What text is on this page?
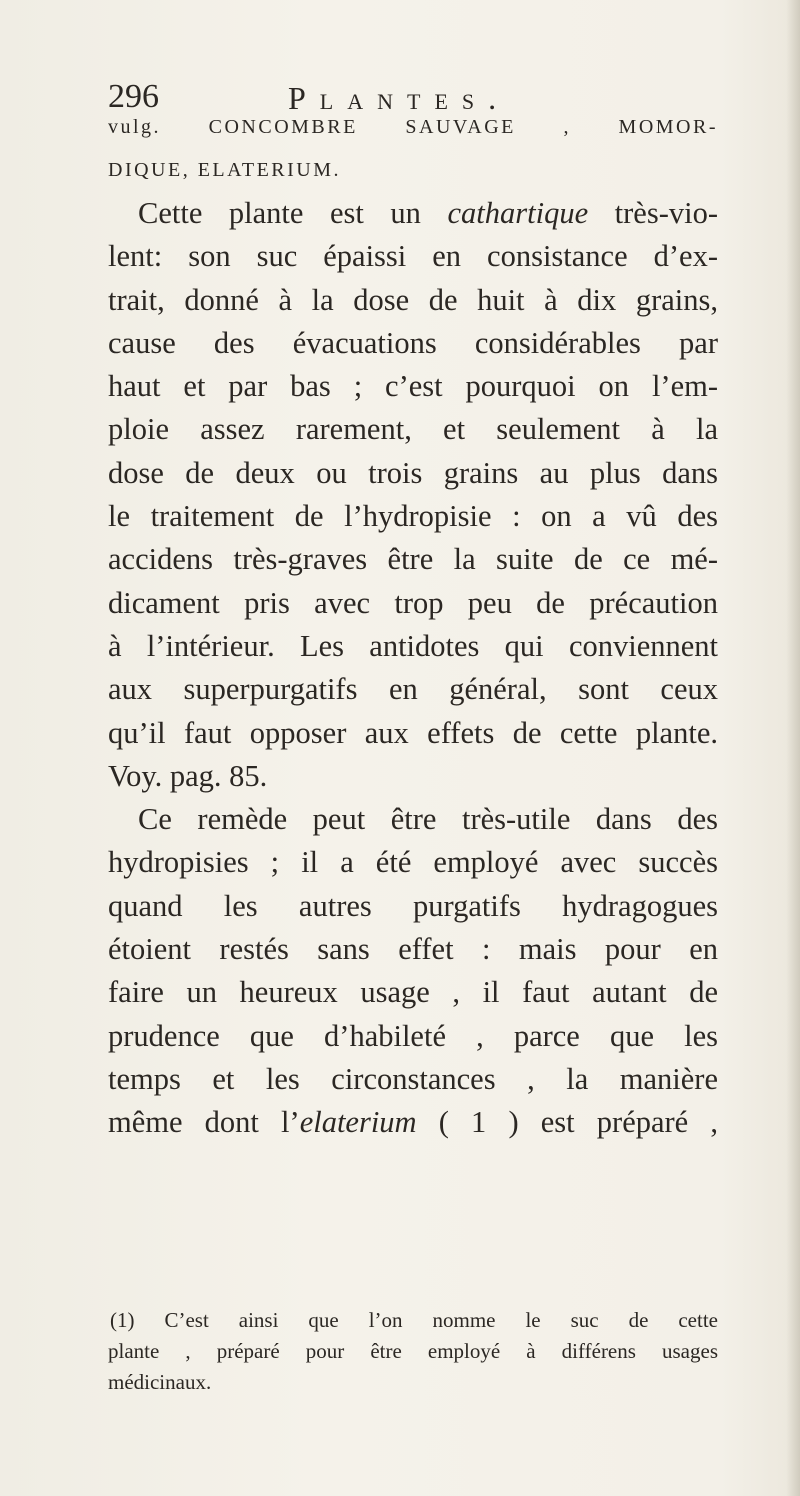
296	Plantes.
vulg. CONCOMBRE SAUVAGE , MOMOR-
DIQUE, ELATERIUM.
Cette plante est un cathartique très-vio-
lent: son suc épaissi en consistance d’ex-
trait, donné à la dose de huit à dix grains,
cause des évacuations considérables par
haut et par bas ; c’est pourquoi on l’em-
ploie assez rarement, et seulement à la
dose de deux ou trois grains au plus dans
le traitement de l’hydropisie : on a vû des
accidens très-graves être la suite de ce mé-
dicament pris avec trop peu de précaution
à l’intérieur. Les antidotes qui conviennent
aux superpurgatifs en général, sont ceux
qu’il faut opposer aux effets de cette plante.
Voy. pag. 85.
Ce remède peut être très-utile dans des
hydropisies ; il a été employé avec succès
quand les autres purgatifs hydragogues
étoient restés sans effet : mais pour en
faire un heureux usage , il faut autant de
prudence que d’habileté , parce que les
temps et les circonstances , la manière
même dont l’elaterium ( 1 ) est préparé ,
(1) C’est ainsi que l’on nomme le suc de cette
plante , préparé pour être employé à différens usages
médicinaux.
